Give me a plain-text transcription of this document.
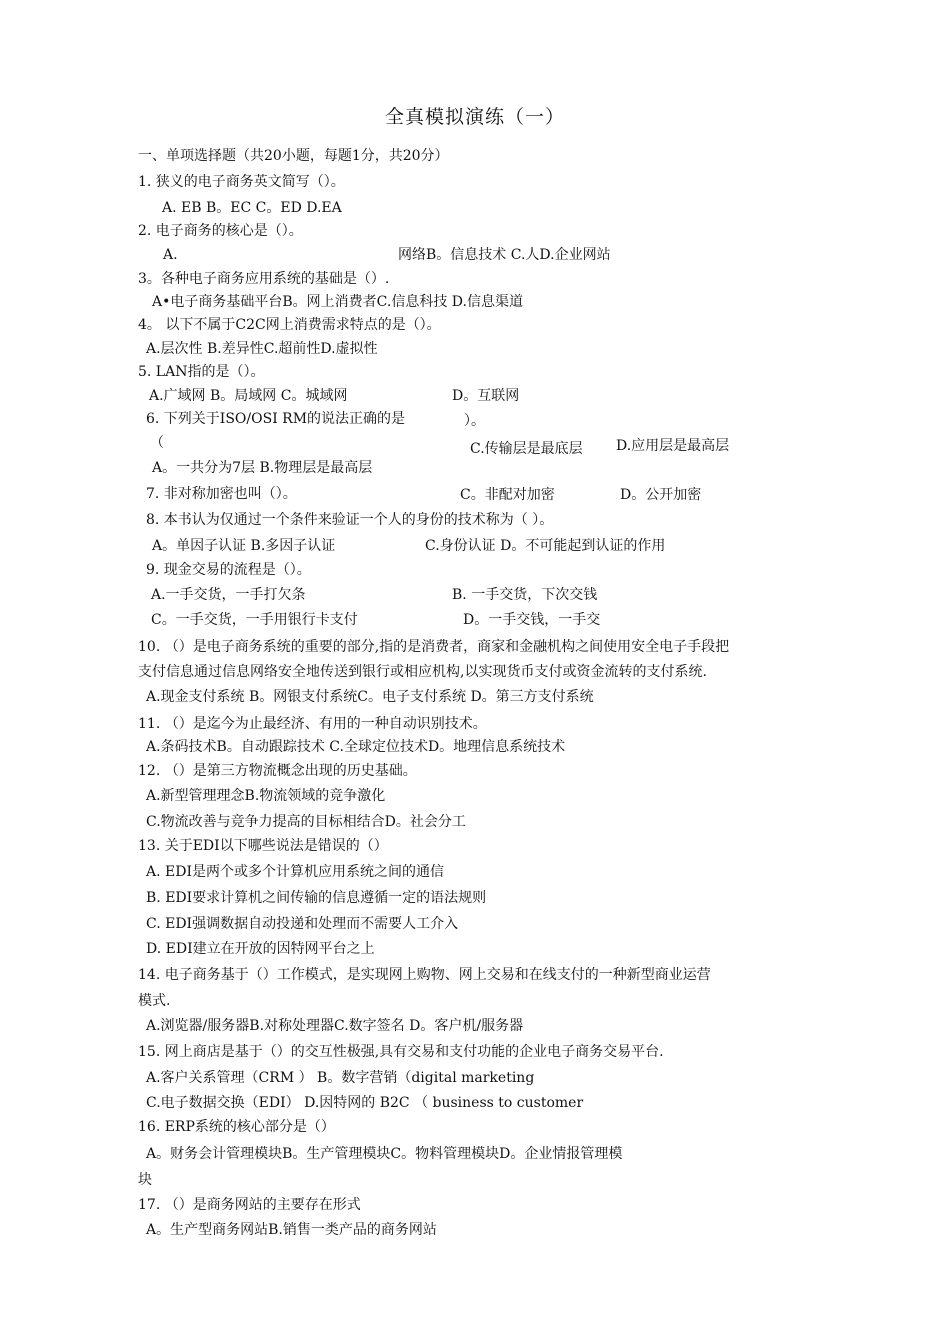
全真模拟演练（一）
一、单项选择题（共20小题，每题1分，共20分）
1. 狭义的电子商务英文简写（）。
A. EB B。EC C。ED D.EA
2. 电子商务的核心是（）。
A.	网络B。信息技术 C.人D.企业网站
3。各种电子商务应用系统的基础是（）.
A•电子商务基础平台B。网上消费者C.信息科技 D.信息渠道
4。 以下不属于C2C网上消费需求特点的是（）。
A.层次性 B.差异性C.超前性D.虚拟性
5. LAN指的是（）。
A.广域网 B。局域网 C。城域网	D。互联网
6. 下列关于ISO/OSI RM的说法正确的是	）。
（	C.传输层是最底层 D.应用层是最高层
A。一共分为7层 B.物理层是最高层
7. 非对称加密也叫（）。	C。非配对加密	D。公开加密
8. 本书认为仅通过一个条件来验证一个人的身份的技术称为（ ）。
A。单因子认证 B.多因子认证	C.身份认证 D。不可能起到认证的作用
9. 现金交易的流程是（）。
A.一手交货，一手打欠条	B. 一手交货，下次交钱
C。一手交货，一手用银行卡支付	D。一手交钱，一手交
10. （）是电子商务系统的重要的部分,指的是消费者，商家和金融机构之间使用安全电子手段把
支付信息通过信息网络安全地传送到银行或相应机构,以实现货币支付或资金流转的支付系统.
A.现金支付系统 B。网银支付系统C。电子支付系统 D。第三方支付系统
11. （）是迄今为止最经济、有用的一种自动识别技术。
A.条码技术B。自动跟踪技术 C.全球定位技术D。地理信息系统技术
12. （）是第三方物流概念出现的历史基础。
A.新型管理理念B.物流领域的竞争激化
C.物流改善与竞争力提高的目标相结合D。社会分工
13. 关于EDI以下哪些说法是错误的（）
A. EDI是两个或多个计算机应用系统之间的通信
B. EDI要求计算机之间传输的信息遵循一定的语法规则
C. EDI强调数据自动投递和处理而不需要人工介入
D. EDI建立在开放的因特网平台之上
14. 电子商务基于（）工作模式，是实现网上购物、网上交易和在线支付的一种新型商业运营
模式.
A.浏览器/服务器B.对称处理器C.数字签名 D。客户机/服务器
15. 网上商店是基于（）的交互性极强,具有交易和支付功能的企业电子商务交易平台.
A.客户关系管理（CRM ） B。数字营销（digital marketing
C.电子数据交换（EDI） D.因特网的 B2C （ business to customer
16. ERP系统的核心部分是（）
A。财务会计管理模块B。生产管理模块C。物料管理模块D。企业情报管理模
块
17. （）是商务网站的主要存在形式
A。生产型商务网站B.销售一类产品的商务网站
